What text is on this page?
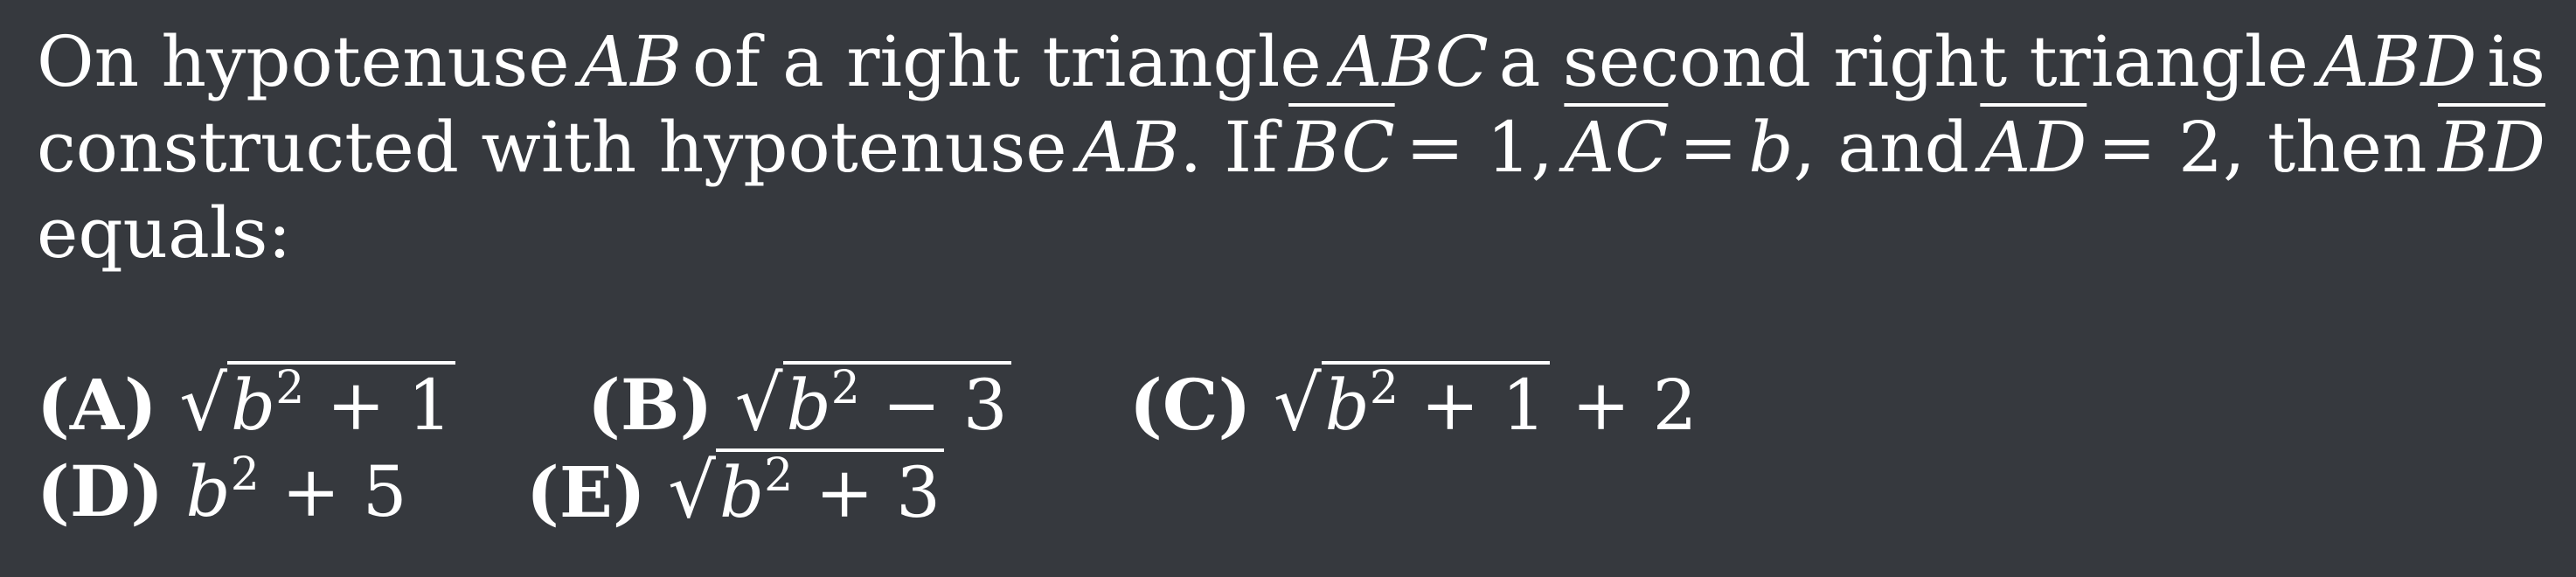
On hypotenuse AB of a right triangle ABC a second right triangle ABD is
constructed with hypotenuse AB. If $\overline{BC} = 1$, $\overline{AC} = b$, and $\overline{AD} = 2$, then $\overline{BD}$
equals:
(A) $√b^2 + 1$ (B) $√b^2 - 3$ (C) $√b^2 + 1 + 2$
(D) $b^2 + 5$ (E) $√b^2 + 3$
